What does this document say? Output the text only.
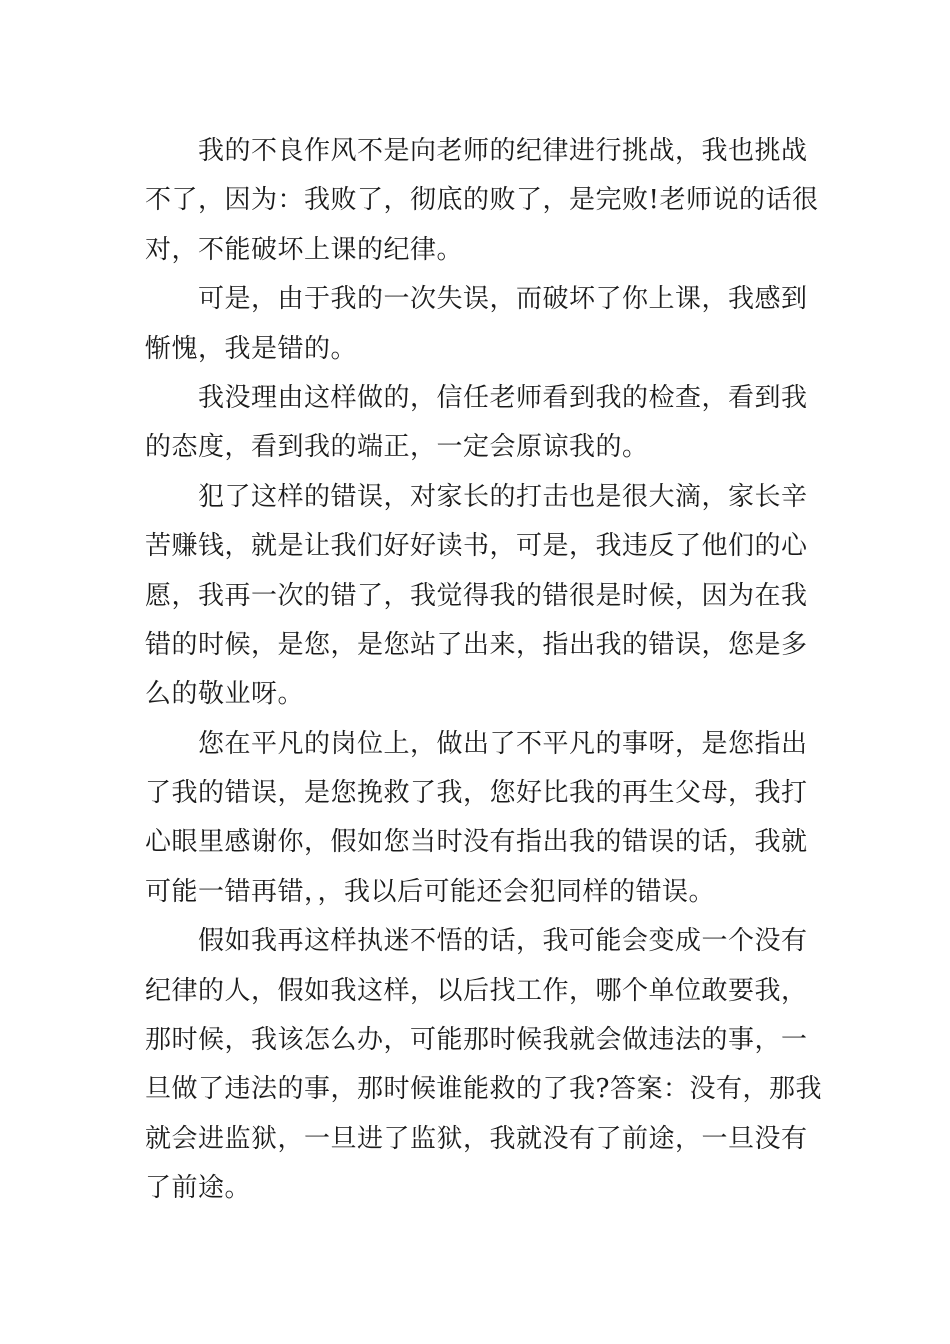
我的不良作风不是向老师的纪律进行挑战，我也挑战
不了，因为：我败了，彻底的败了，是完败!老师说的话很
对，不能破坏上课的纪律。

可是，由于我的一次失误，而破坏了你上课，我感到
惭愧，我是错的。

我没理由这样做的，信任老师看到我的检查，看到我
的态度，看到我的端正，一定会原谅我的。

犯了这样的错误，对家长的打击也是很大滴，家长辛
苦赚钱，就是让我们好好读书，可是，我违反了他们的心
愿，我再一次的错了，我觉得我的错很是时候，因为在我
错的时候，是您，是您站了出来，指出我的错误，您是多
么的敬业呀。

您在平凡的岗位上，做出了不平凡的事呀，是您指出
了我的错误，是您挽救了我，您好比我的再生父母，我打
心眼里感谢你，假如您当时没有指出我的错误的话，我就
可能一错再错，，我以后可能还会犯同样的错误。

假如我再这样执迷不悟的话，我可能会变成一个没有
纪律的人，假如我这样，以后找工作，哪个单位敢要我，
那时候，我该怎么办，可能那时候我就会做违法的事，一
旦做了违法的事，那时候谁能救的了我?答案：没有，那我
就会进监狱，一旦进了监狱，我就没有了前途，一旦没有
了前途。
